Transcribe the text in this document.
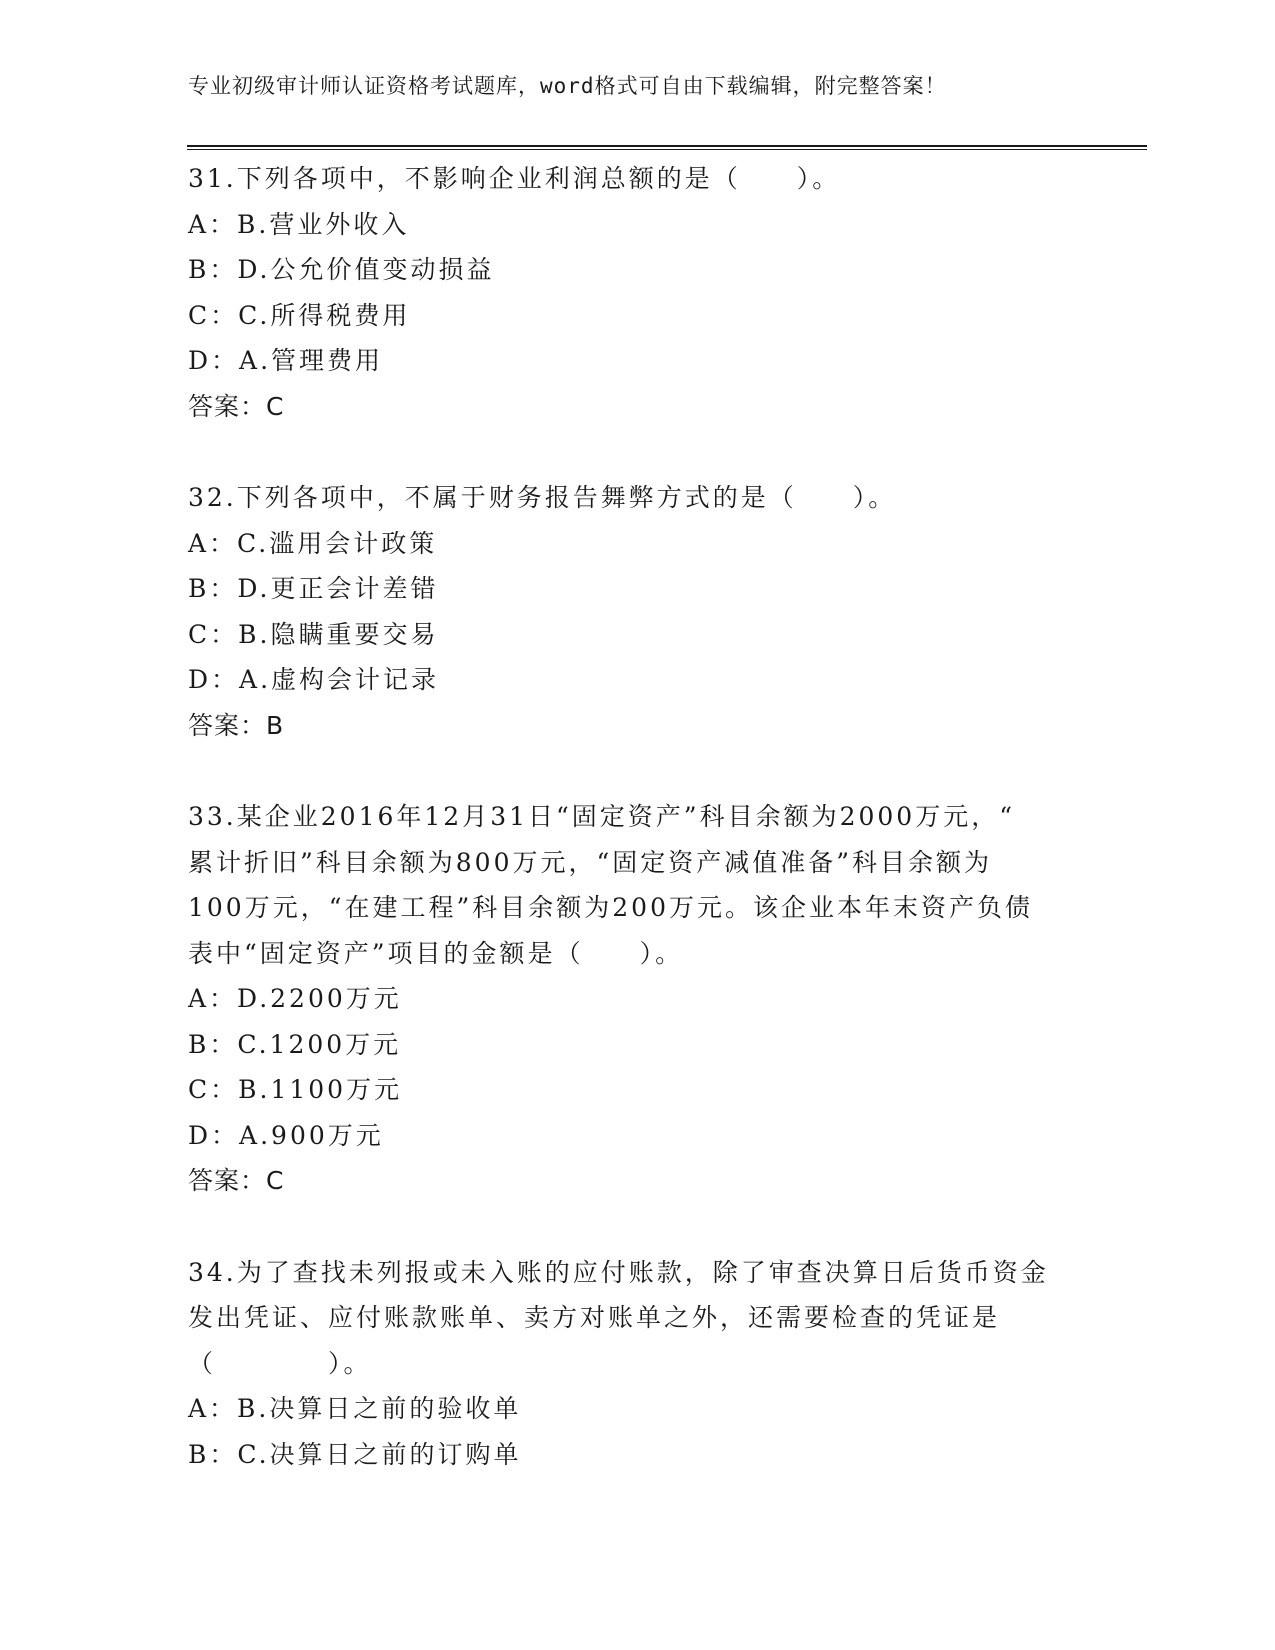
专业初级审计师认证资格考试题库，word格式可自由下载编辑，附完整答案！
31.下列各项中，不影响企业利润总额的是（　　）。
A：B.营业外收入
B：D.公允价值变动损益
C：C.所得税费用
D：A.管理费用
答案：C
32.下列各项中，不属于财务报告舞弊方式的是（　　）。
A：C.滥用会计政策
B：D.更正会计差错
C：B.隐瞒重要交易
D：A.虚构会计记录
答案：B
33.某企业2016年12月31日“固定资产”科目余额为2000万元，“
累计折旧”科目余额为800万元，“固定资产减值准备”科目余额为
100万元，“在建工程”科目余额为200万元。该企业本年末资产负债
表中“固定资产”项目的金额是（　　）。
A：D.2200万元
B：C.1200万元
C：B.1100万元
D：A.900万元
答案：C
34.为了查找未列报或未入账的应付账款，除了审查决算日后货币资金
发出凭证、应付账款账单、卖方对账单之外，还需要检查的凭证是
（　　　　）。
A：B.决算日之前的验收单
B：C.决算日之前的订购单
